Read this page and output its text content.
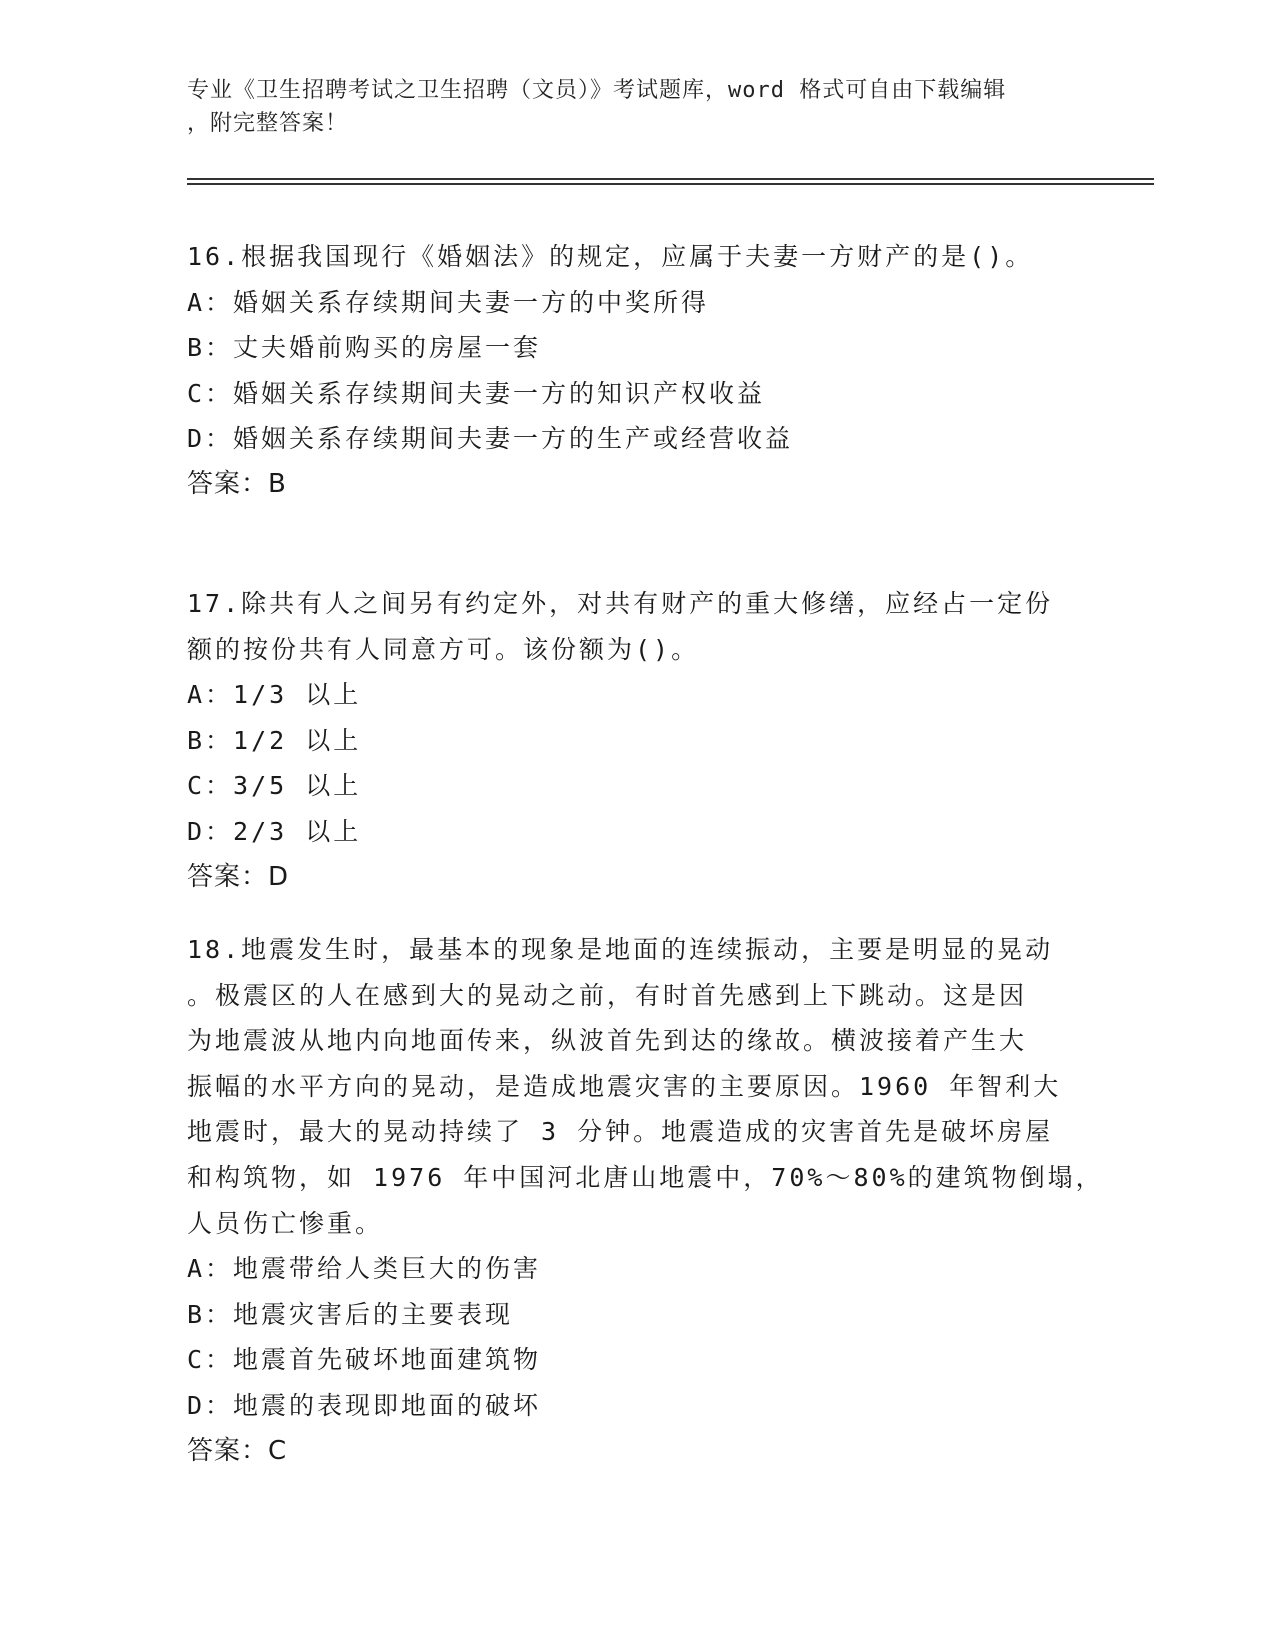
专业《卫生招聘考试之卫生招聘（文员）》考试题库，word 格式可自由下载编辑
，附完整答案！
16.根据我国现行《婚姻法》的规定，应属于夫妻一方财产的是()。
A：婚姻关系存续期间夫妻一方的中奖所得
B：丈夫婚前购买的房屋一套
C：婚姻关系存续期间夫妻一方的知识产权收益
D：婚姻关系存续期间夫妻一方的生产或经营收益
答案：B
17.除共有人之间另有约定外，对共有财产的重大修缮，应经占一定份
额的按份共有人同意方可。该份额为()。
A：1/3 以上
B：1/2 以上
C：3/5 以上
D：2/3 以上
答案：D
18.地震发生时，最基本的现象是地面的连续振动，主要是明显的晃动
。极震区的人在感到大的晃动之前，有时首先感到上下跳动。这是因
为地震波从地内向地面传来，纵波首先到达的缘故。横波接着产生大
振幅的水平方向的晃动，是造成地震灾害的主要原因。1960 年智利大
地震时，最大的晃动持续了 3 分钟。地震造成的灾害首先是破坏房屋
和构筑物，如 1976 年中国河北唐山地震中，70%～80%的建筑物倒塌，
人员伤亡惨重。
A：地震带给人类巨大的伤害
B：地震灾害后的主要表现
C：地震首先破坏地面建筑物
D：地震的表现即地面的破坏
答案：C
